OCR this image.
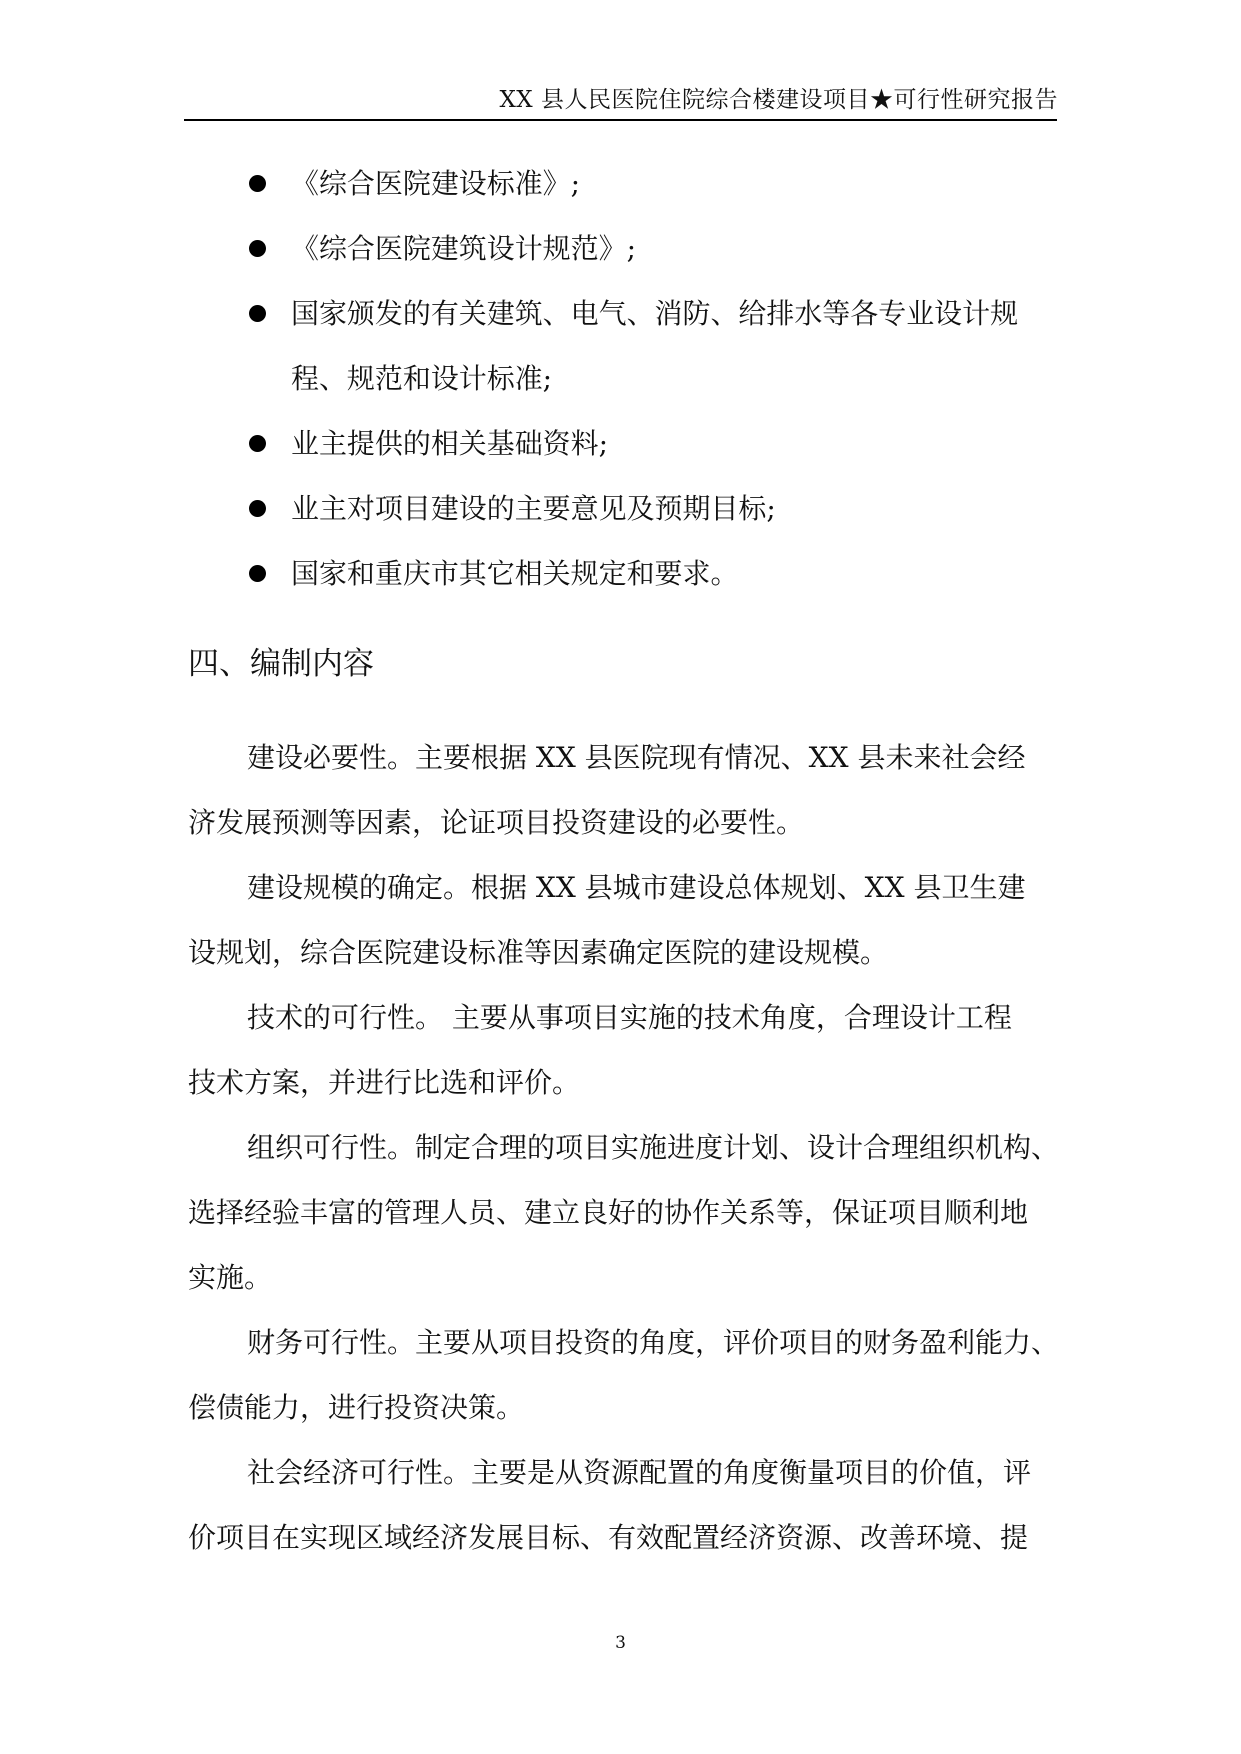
XX 县人民医院住院综合楼建设项目★可行性研究报告
《综合医院建设标准》;
《综合医院建筑设计规范》;
国家颁发的有关建筑、电气、消防、给排水等各专业设计规
程、规范和设计标准;
业主提供的相关基础资料;
业主对项目建设的主要意见及预期目标;
国家和重庆市其它相关规定和要求。
四、编制内容
建设必要性。主要根据 XX 县医院现有情况、XX 县未来社会经
济发展预测等因素，论证项目投资建设的必要性。
建设规模的确定。根据 XX 县城市建设总体规划、XX 县卫生建
设规划，综合医院建设标准等因素确定医院的建设规模。
技术的可行性。 主要从事项目实施的技术角度，合理设计工程
技术方案，并进行比选和评价。
组织可行性。制定合理的项目实施进度计划、设计合理组织机构、
选择经验丰富的管理人员、建立良好的协作关系等，保证项目顺利地
实施。
财务可行性。主要从项目投资的角度，评价项目的财务盈利能力、
偿债能力，进行投资决策。
社会经济可行性。主要是从资源配置的角度衡量项目的价值，评
价项目在实现区域经济发展目标、有效配置经济资源、改善环境、提
3
